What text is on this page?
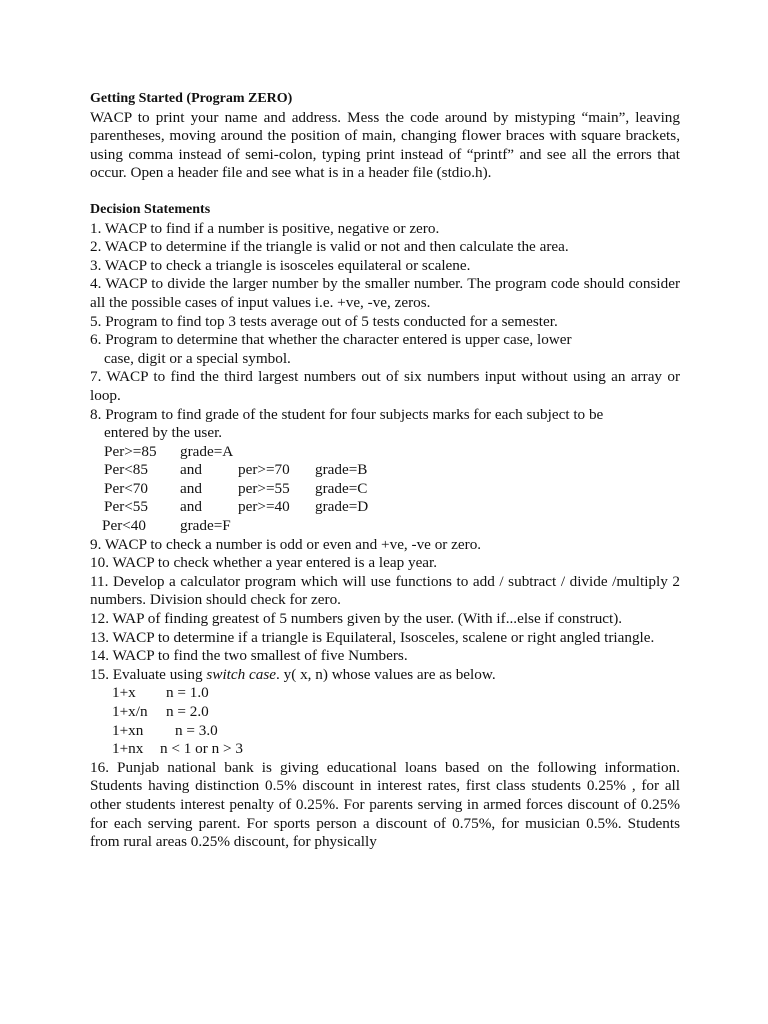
Getting Started (Program ZERO)
WACP to print your name and address. Mess the code around by mistyping “main”, leaving parentheses, moving around the position of main, changing flower braces with square brackets, using comma instead of semi-colon, typing print instead of “printf” and see all the errors that occur. Open a header file and see what is in a header file (stdio.h).
Decision Statements
1. WACP to find if a number is positive, negative or zero.
2. WACP to determine if the triangle is valid or not and then calculate the area.
3. WACP to check a triangle is isosceles equilateral or scalene.
4. WACP to divide the larger number by the smaller number. The program code should consider all the possible cases of input values i.e. +ve, -ve, zeros.
5. Program to find top 3 tests average out of 5 tests conducted for a semester.
6. Program to determine that whether the character entered is upper case, lower
case, digit or a special symbol.
7. WACP to find the third largest numbers out of six numbers input without using an array or loop.
8. Program to find grade of the student for four subjects marks for each subject to be
entered by the user.
Per>=85	grade=A
Per<85	and	per>=70	grade=B
Per<70	and	per>=55	grade=C
Per<55	and	per>=40	grade=D
Per<40	grade=F
9. WACP to check a number is odd or even and +ve, -ve or zero.
10. WACP to check whether a year entered is a leap year.
11. Develop a calculator program which will use functions to add / subtract / divide /multiply 2 numbers. Division should check for zero.
12. WAP of finding greatest of 5 numbers given by the user. (With if...else if construct).
13. WACP to determine if a triangle is Equilateral, Isosceles, scalene or right angled triangle.
14. WACP to find the two smallest of five Numbers.
15. Evaluate using switch case. y( x, n) whose values are as below.
1+x	n = 1.0
1+x/n	n = 2.0
1+xn	n = 3.0
1+nx	n < 1 or n > 3
16. Punjab national bank is giving educational loans based on the following information. Students having distinction 0.5% discount in interest rates, first class students 0.25% , for all other students interest penalty of 0.25%. For parents serving in armed forces discount of 0.25% for each serving parent. For sports person a discount of 0.75%, for musician 0.5%. Students from rural areas 0.25% discount, for physically
